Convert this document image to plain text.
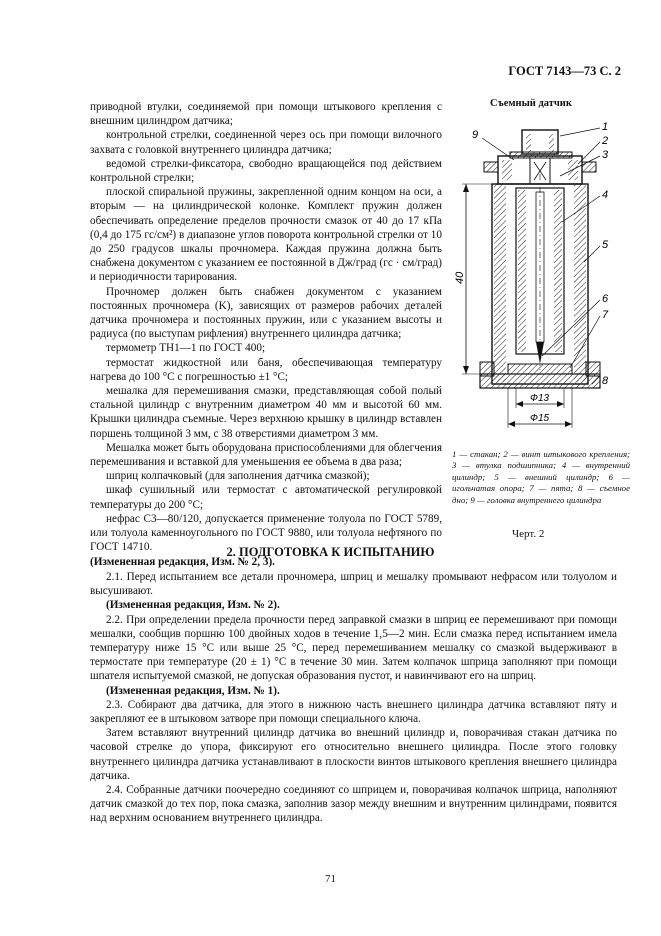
ГОСТ 7143—73 С. 2

приводной втулки, соединяемой при помощи штыкового крепления с внешним цилиндром датчика;

контрольной стрелки, соединенной через ось при помощи вилочного захвата с головкой внутреннего цилиндра датчика;

ведомой стрелки-фиксатора, свободно вращающейся под действием контрольной стрелки;

плоской спиральной пружины, закрепленной одним концом на оси, а вторым — на цилиндрической колонке. Комплект пружин должен обеспечивать определение пределов прочности смазок от 40 до 17 кПа (0,4 до 175 гс/см²) в диапазоне углов поворота контрольной стрелки от 10 до 250 градусов шкалы прочномера. Каждая пружина должна быть снабжена документом с указанием ее постоянной в Дж/град (гс · см/град) и периодичности тарирования.

Прочномер должен быть снабжен документом с указанием постоянных прочномера (K), зависящих от размеров рабочих деталей датчика прочномера и постоянных пружин, или с указанием высоты и радиуса (по выступам рифления) внутреннего цилиндра датчика;

термометр ТН1—1 по ГОСТ 400;

термостат жидкостной или баня, обеспечивающая температуру нагрева до 100 °С с погрешностью ±1 °С;

мешалка для перемешивания смазки, представляющая собой полый стальной цилиндр с внутренним диаметром 40 мм и высотой 60 мм. Крышки цилиндра съемные. Через верхнюю крышку в цилиндр вставлен поршень толщиной 3 мм, с 38 отверстиями диаметром 3 мм.

Мешалка может быть оборудована приспособлениями для облегчения перемешивания и вставкой для уменьшения ее объема в два раза;

шприц колпачковый (для заполнения датчика смазкой);

шкаф сушильный или термостат с автоматической регулировкой температуры до 200 °С;

нефрас С3—80/120, допускается применение толуола по ГОСТ 5789, или толуола каменноугольного по ГОСТ 9880, или толуола нефтяного по ГОСТ 14710.

(Измененная редакция, Изм. № 2, 3).

Съемный датчик
40
Ф13
Ф15
1
2
3
4
5
6
7
8
9
1 — стакан; 2 — винт штыкового крепления; 3 — втулка подшипника; 4 — внутренний цилиндр; 5 — внешний цилиндр; 6 — игольчатая опора; 7 — пята; 8 — съемное дно; 9 — головка внутреннего цилиндра
Черт. 2
2. ПОДГОТОВКА К ИСПЫТАНИЮ

2.1. Перед испытанием все детали прочномера, шприц и мешалку промывают нефрасом или толуолом и высушивают.

(Измененная редакция, Изм. № 2).

2.2. При определении предела прочности перед заправкой смазки в шприц ее перемешивают при помощи мешалки, сообщив поршню 100 двойных ходов в течение 1,5—2 мин. Если смазка перед испытанием имела температуру ниже 15 °С или выше 25 °С, перед перемешиванием мешалку со смазкой выдерживают в термостате при температуре (20 ± 1) °С в течение 30 мин. Затем колпачок шприца заполняют при помощи шпателя испытуемой смазкой, не допуская образования пустот, и навинчивают его на шприц.

(Измененная редакция, Изм. № 1).

2.3. Собирают два датчика, для этого в нижнюю часть внешнего цилиндра датчика вставляют пяту и закрепляют ее в штыковом затворе при помощи специального ключа.

Затем вставляют внутренний цилиндр датчика во внешний цилиндр и, поворачивая стакан датчика по часовой стрелке до упора, фиксируют его относительно внешнего цилиндра. После этого головку внутреннего цилиндра датчика устанавливают в плоскости винтов штыкового крепления внешнего цилиндра датчика.

2.4. Собранные датчики поочередно соединяют со шприцем и, поворачивая колпачок шприца, наполняют датчик смазкой до тех пор, пока смазка, заполнив зазор между внешним и внутренним цилиндрами, появится над верхним основанием внутреннего цилиндра.

71
